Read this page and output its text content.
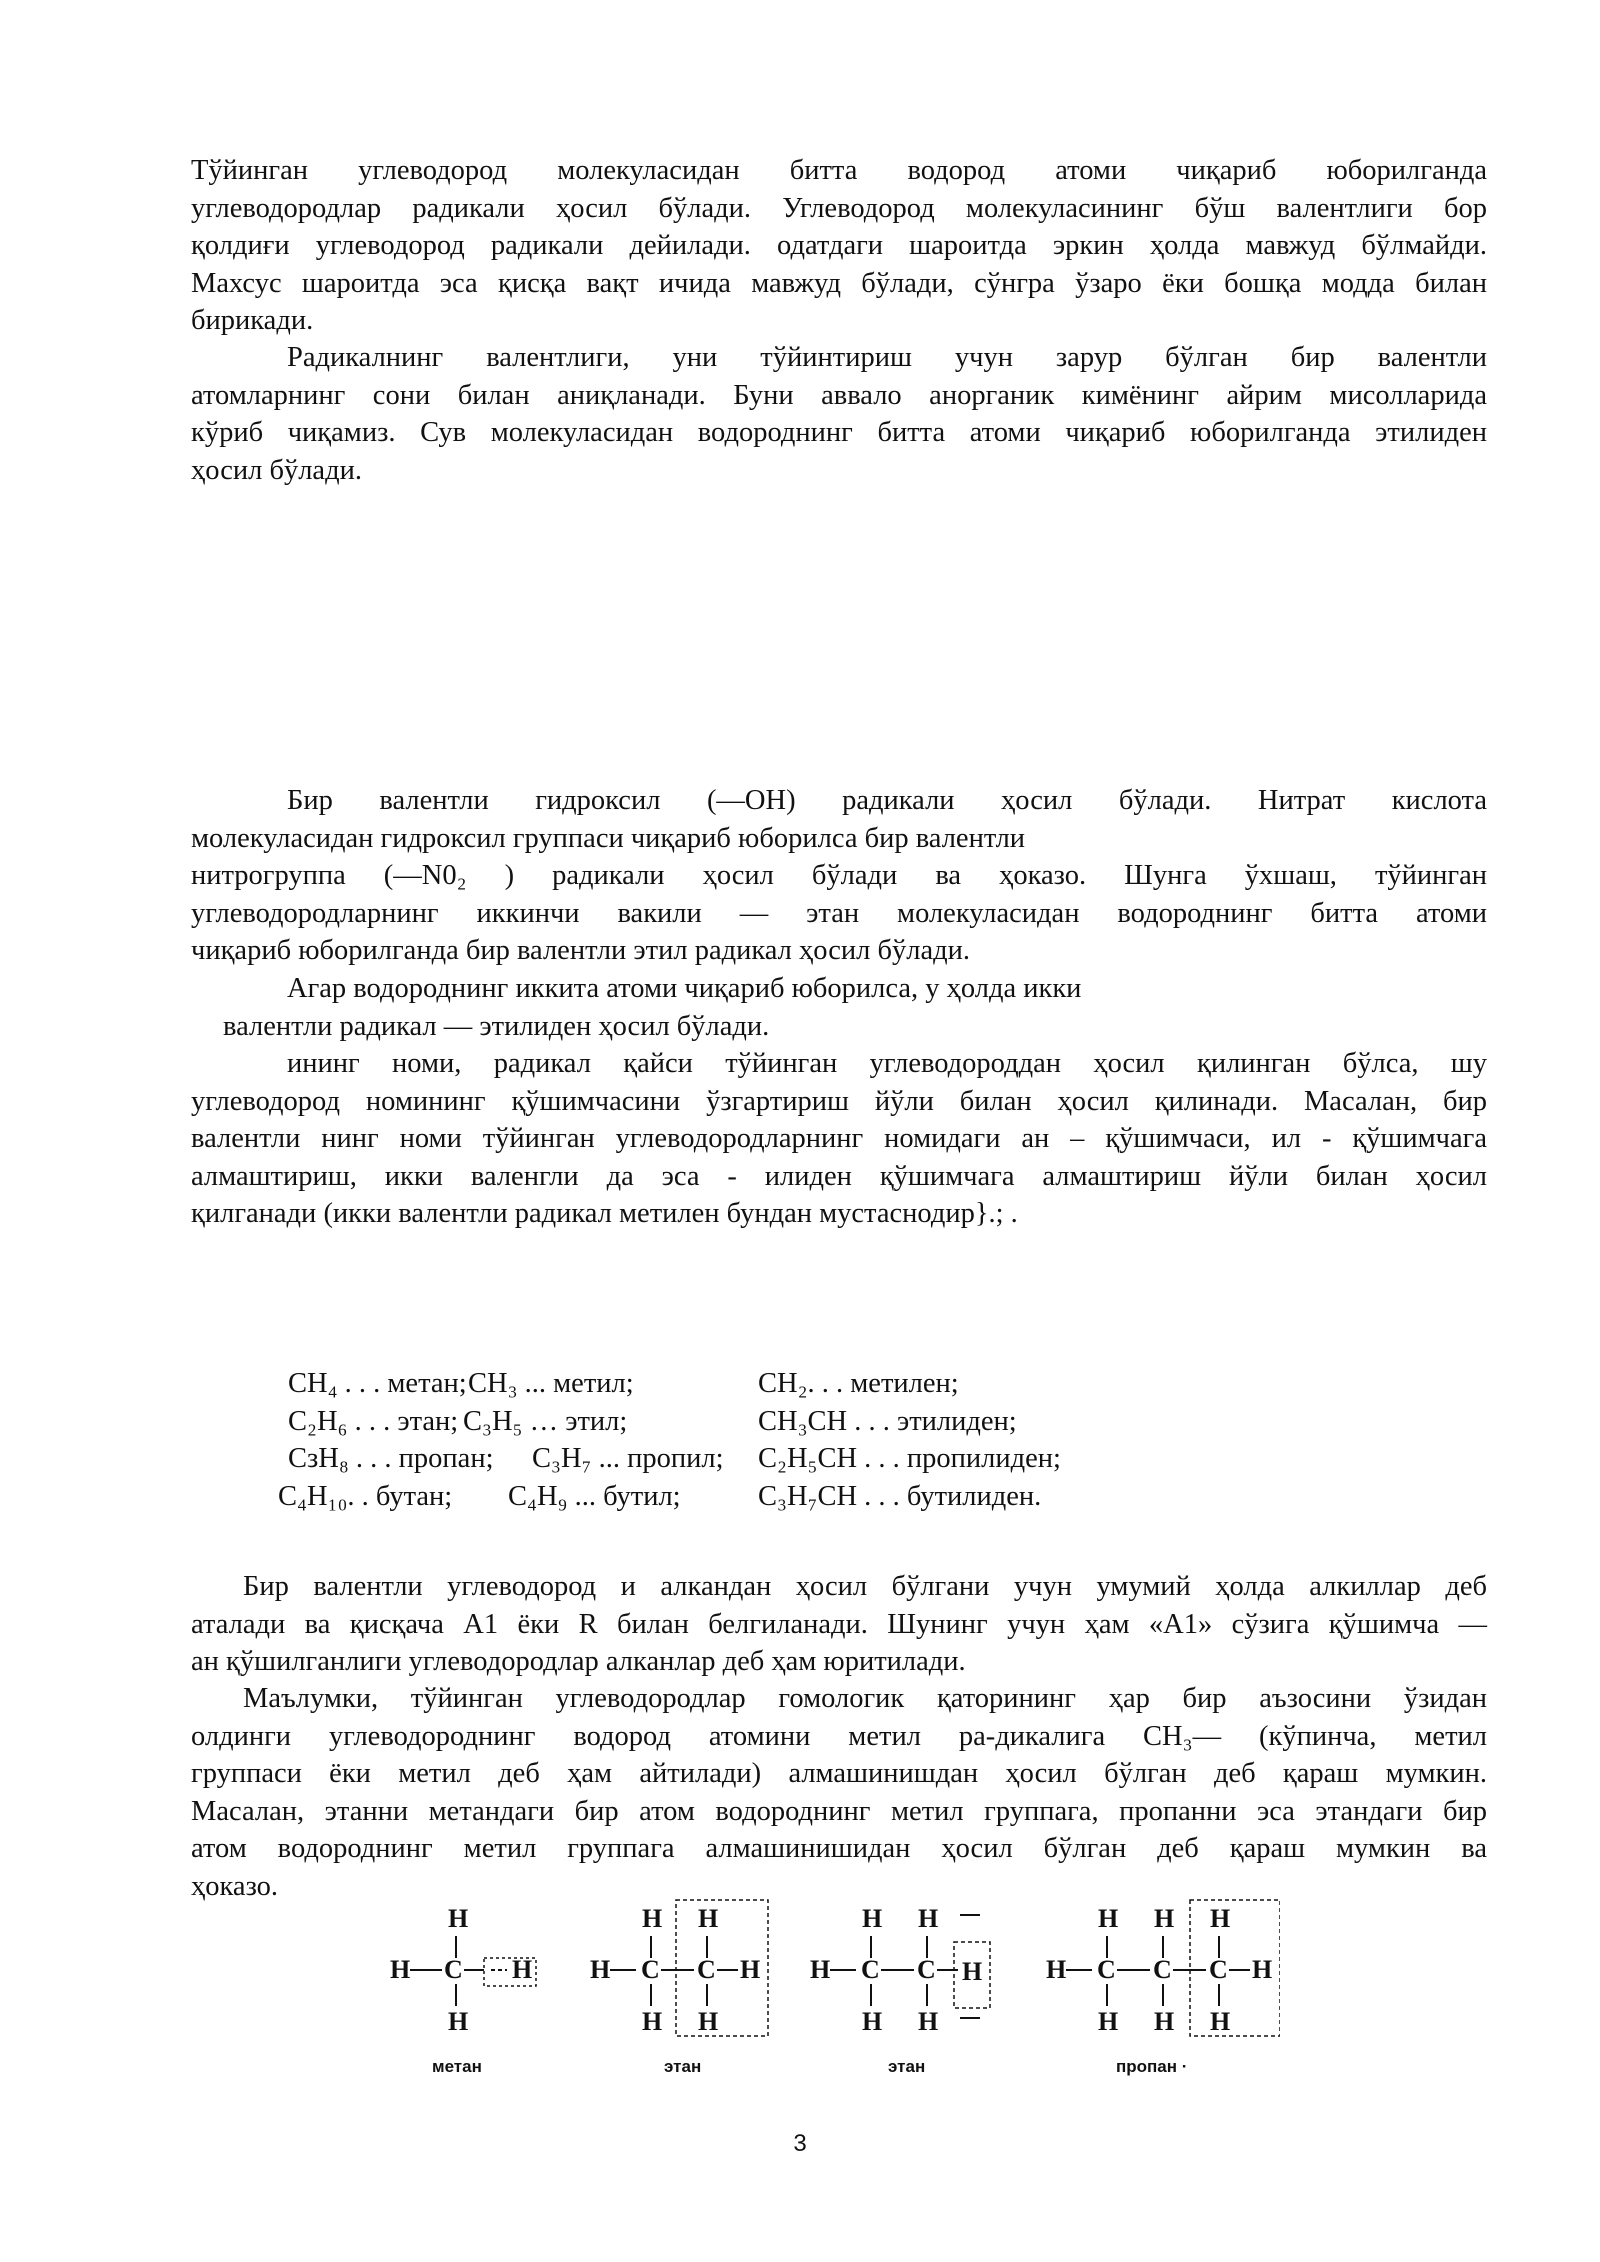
Тўйинган углеводород молекуласидан битта водород атоми чиқариб юборилганда
углеводородлар радикали ҳосил бўлади. Углеводород молекуласининг бўш валентлиги бор
қолдиғи углеводород радикали дейилади. одатдаги шароитда эркин ҳолда мавжуд бўлмайди.
Махсус шароитда эса қисқа вақт ичида мавжуд бўлади, сўнгра ўзаро ёки бошқа модда билан
бирикади.

Радикалнинг валентлиги, уни тўйинтириш учун зарур бўлган бир валентли
атомларнинг сони билан аниқланади. Буни аввало анорганик кимёнинг айрим мисолларида
кўриб чиқамиз. Сув молекуласидан водороднинг битта атоми чиқариб юборилганда этилиден
ҳосил бўлади.

Бир валентли гидроксил (—ОН) радикали ҳосил бўлади. Нитрат кислота
молекуласидан гидроксил группаси чиқариб юборилса бир валентли
нитрогруппа (—N0₂ ) радикали ҳосил бўлади ва ҳоказо. Шунга ўхшаш, тўйинган
углеводородларнинг иккинчи вакили — этан молекуласидан водороднинг битта атоми
чиқариб юборилганда бир валентли этил радикал ҳосил бўлади.

Агар водороднинг иккита атоми чиқариб юборилса, у ҳолда икки
валентли радикал — этилиден ҳосил бўлади.

ининг номи, радикал қайси тўйинган углеводороддан ҳосил қилинган бўлса, шу
углеводород номининг қўшимчасини ўзгартириш йўли билан ҳосил қилинади. Масалан, бир
валентли нинг номи тўйинган углеводородларнинг номидаги ан – қўшимчаси, ил - қўшимчага
алмаштириш, икки валенгли да эса - илиден қўшимчага алмаштириш йўли билан ҳосил
қилганади (икки валентли радикал метилен бундан мустаснодир}.; .

СН₄ . . . метан; СН₃ ... метил;	СН₂. . . метилен;
С₂Н₆ . . . этан; С₃Н₅ … этил;	СН₃СН . . . этилиден;
СзН₈ . . . пропан; С₃Н₇ ... пропил; С₂Н₅СН . . . пропилиден;
С₄Н₁₀. . бутан; С₄Н₉ ... бутил;	С₃Н₇СН . . . бутилиден.

Бир валентли углеводород и алкандан ҳосил бўлгани учун умумий ҳолда алкиллар деб
аталади ва қисқача А1 ёки R билан белгиланади. Шунинг учун ҳам «А1» сўзига қўшимча —
ан қўшилганлиги углеводородлар алканлар деб ҳам юритилади.

Маълумки, тўйинган углеводородлар гомологик қаторининг ҳар бир аъзосини ўзидан
олдинги углеводороднинг водород атомини метил ра-дикалига СН₃— (кўпинча, метил
группаси ёки метил деб ҳам айтилади) алмашинишдан ҳосил бўлган деб қараш мумкин.
Масалан, этанни метандаги бир атом водороднинг метил группага, пропанни эса этандаги бир
атом водороднинг метил группага алмашинишидан ҳосил бўлган деб қараш мумкин ва
ҳоказо.

H
H C H
H
H H
H C C H
H H
H H
H C C H
H H
H H H
H C C C H
H H H
метан	этан	этан	пропан ·
3
